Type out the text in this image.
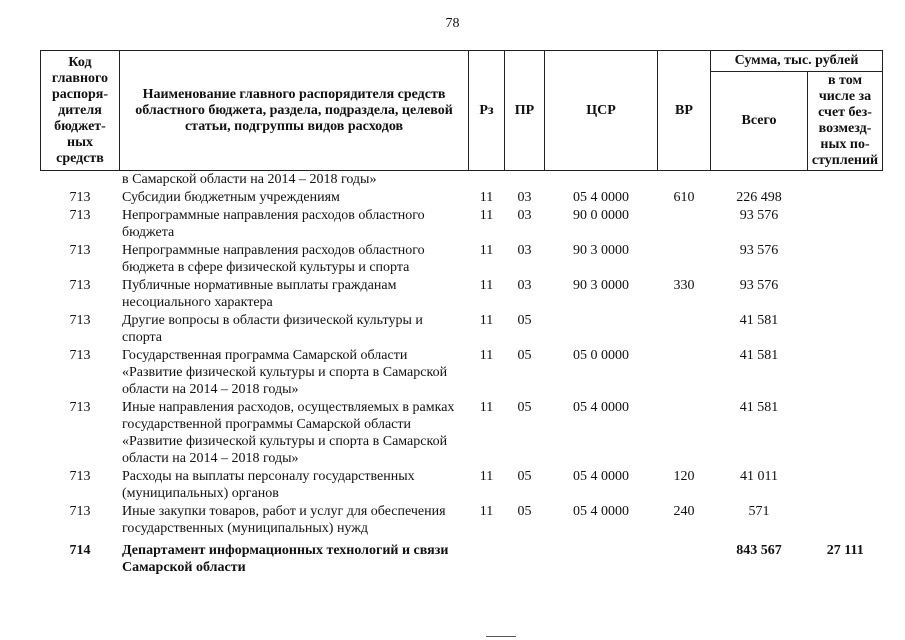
78
Код главного распоря-дителя бюджет-ных средств	Наименование главного распорядителя средств областного бюджета, раздела, подраздела, целевой статьи, подгруппы видов расходов	Рз	ПР	ЦСР	ВР	Сумма, тыс. рублей	
						Всего	в том числе за счет без-возмезд-ных по-ступлений
	в Самарской области на 2014 – 2018 годы»						
713	Субсидии бюджетным учреждениям	11	03	05 4 0000	610	226 498	
713	Непрограммные направления расходов областного бюджета	11	03	90 0 0000		93 576	
713	Непрограммные направления расходов областного бюджета в сфере физической культуры и спорта	11	03	90 3 0000		93 576	
713	Публичные нормативные выплаты гражданам несоциального характера	11	03	90 3 0000	330	93 576	
713	Другие вопросы в области физической культуры и спорта	11	05			41 581	
713	Государственная программа Самарской области «Развитие физической культуры и спорта в Самарской области на 2014 – 2018 годы»	11	05	05 0 0000		41 581	
713	Иные направления расходов, осуществляемых в рамках государственной программы Самарской области «Развитие физической культуры и спорта в Самарской области на 2014 – 2018 годы»	11	05	05 4 0000		41 581	
713	Расходы на выплаты персоналу государственных (муниципальных) органов	11	05	05 4 0000	120	41 011	
713	Иные закупки товаров, работ и услуг для обеспечения государственных (муниципальных) нужд	11	05	05 4 0000	240	571	
714	Департамент информационных технологий и связи Самарской области					843 567	27 111
